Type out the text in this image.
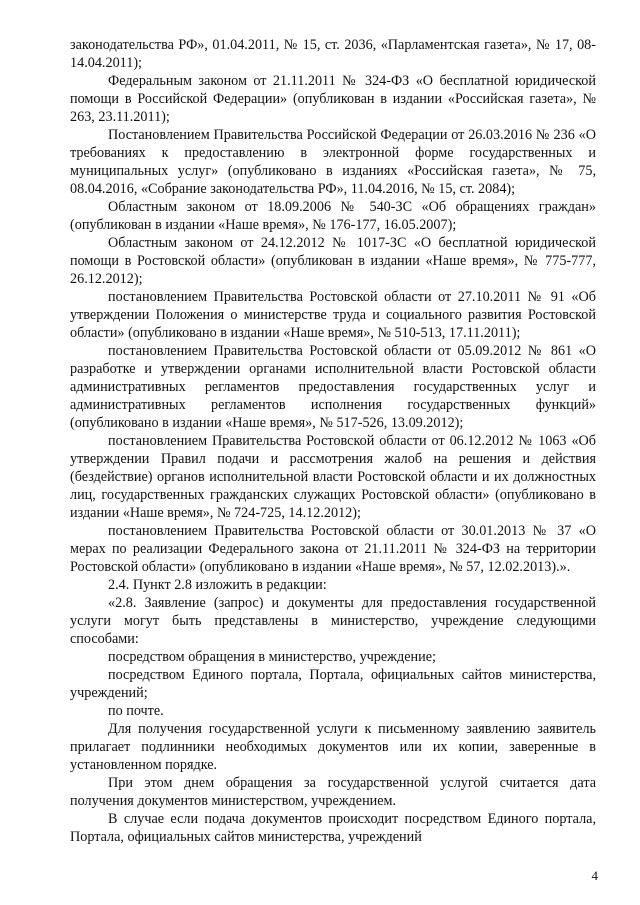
законодательства РФ», 01.04.2011, № 15, ст. 2036, «Парламентская газета», № 17, 08-14.04.2011);

Федеральным законом от 21.11.2011 № 324-ФЗ «О бесплатной юридической помощи в Российской Федерации» (опубликован в издании «Российская газета», № 263, 23.11.2011);

Постановлением Правительства Российской Федерации от 26.03.2016 № 236 «О требованиях к предоставлению в электронной форме государственных и муниципальных услуг» (опубликовано в изданиях «Российская газета», № 75, 08.04.2016, «Собрание законодательства РФ», 11.04.2016, № 15, ст. 2084);

Областным законом от 18.09.2006 № 540-ЗС «Об обращениях граждан» (опубликован в издании «Наше время», № 176-177, 16.05.2007);

Областным законом от 24.12.2012 № 1017-ЗС «О бесплатной юридической помощи в Ростовской области» (опубликован в издании «Наше время», № 775-777, 26.12.2012);

постановлением Правительства Ростовской области от 27.10.2011 № 91 «Об утверждении Положения о министерстве труда и социального развития Ростовской области» (опубликовано в издании «Наше время», № 510-513, 17.11.2011);

постановлением Правительства Ростовской области от 05.09.2012 № 861 «О разработке и утверждении органами исполнительной власти Ростовской области административных регламентов предоставления государственных услуг и административных регламентов исполнения государственных функций» (опубликовано в издании «Наше время», № 517-526, 13.09.2012);

постановлением Правительства Ростовской области от 06.12.2012 № 1063 «Об утверждении Правил подачи и рассмотрения жалоб на решения и действия (бездействие) органов исполнительной власти Ростовской области и их должностных лиц, государственных гражданских служащих Ростовской области» (опубликовано в издании «Наше время», № 724-725, 14.12.2012);

постановлением Правительства Ростовской области от 30.01.2013 № 37 «О мерах по реализации Федерального закона от 21.11.2011 № 324-ФЗ на территории Ростовской области» (опубликовано в издании «Наше время», № 57, 12.02.2013).».

2.4. Пункт 2.8 изложить в редакции:

«2.8. Заявление (запрос) и документы для предоставления государственной услуги могут быть представлены в министерство, учреждение следующими способами:

посредством обращения в министерство, учреждение;

посредством Единого портала, Портала, официальных сайтов министерства, учреждений;

по почте.

Для получения государственной услуги к письменному заявлению заявитель прилагает подлинники необходимых документов или их копии, заверенные в установленном порядке.

При этом днем обращения за государственной услугой считается дата получения документов министерством, учреждением.

В случае если подача документов происходит посредством Единого портала, Портала, официальных сайтов министерства, учреждений

4
